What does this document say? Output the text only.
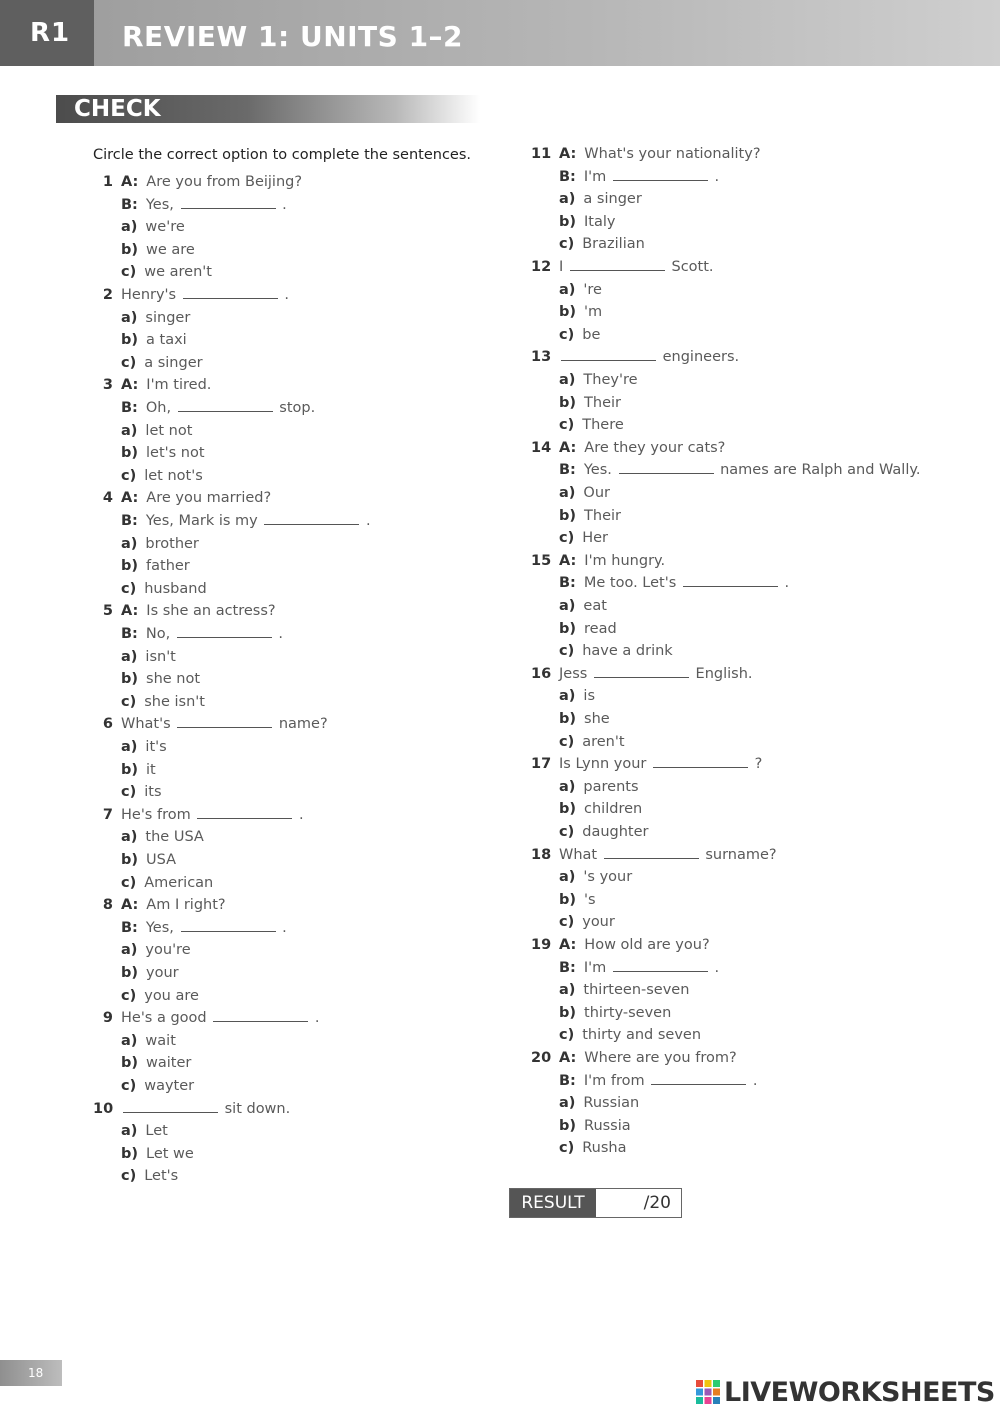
R1 REVIEW 1: UNITS 1–2
CHECK
Circle the correct option to complete the sentences.
1 A: Are you from Beijing?
B: Yes,	.
a) we're
b) we are
c) we aren't
2 Henry's	.
a) singer
b) a taxi
c) a singer
3 A: I'm tired.
B: Oh,	stop.
a) let not
b) let's not
c) let not's
4 A: Are you married?
B: Yes, Mark is my	.
a) brother
b) father
c) husband
5 A: Is she an actress?
B: No,	.
a) isn't
b) she not
c) she isn't
6 What's	name?
a) it's
b) it
c) its
7 He's from	.
a) the USA
b) USA
c) American
8 A: Am I right?
B: Yes,	.
a) you're
b) your
c) you are
9 He's a good	.
a) wait
b) waiter
c) wayter
10	sit down.
a) Let
b) Let we
c) Let's
11 A: What's your nationality?
B: I'm	.
a) a singer
b) Italy
c) Brazilian
12 I	Scott.
a) 're
b) 'm
c) be
13	engineers.
a) They're
b) Their
c) There
14 A: Are they your cats?
B: Yes.	names are Ralph and Wally.
a) Our
b) Their
c) Her
15 A: I'm hungry.
B: Me too. Let's	.
a) eat
b) read
c) have a drink
16 Jess	English.
a) is
b) she
c) aren't
17 Is Lynn your	?
a) parents
b) children
c) daughter
18 What	surname?
a) 's your
b) 's
c) your
19 A: How old are you?
B: I'm	.
a) thirteen-seven
b) thirty-seven
c) thirty and seven
20 A: Where are you from?
B: I'm from	.
a) Russian
b) Russia
c) Rusha
RESULT	/20
18
LIVEWORKSHEETS
